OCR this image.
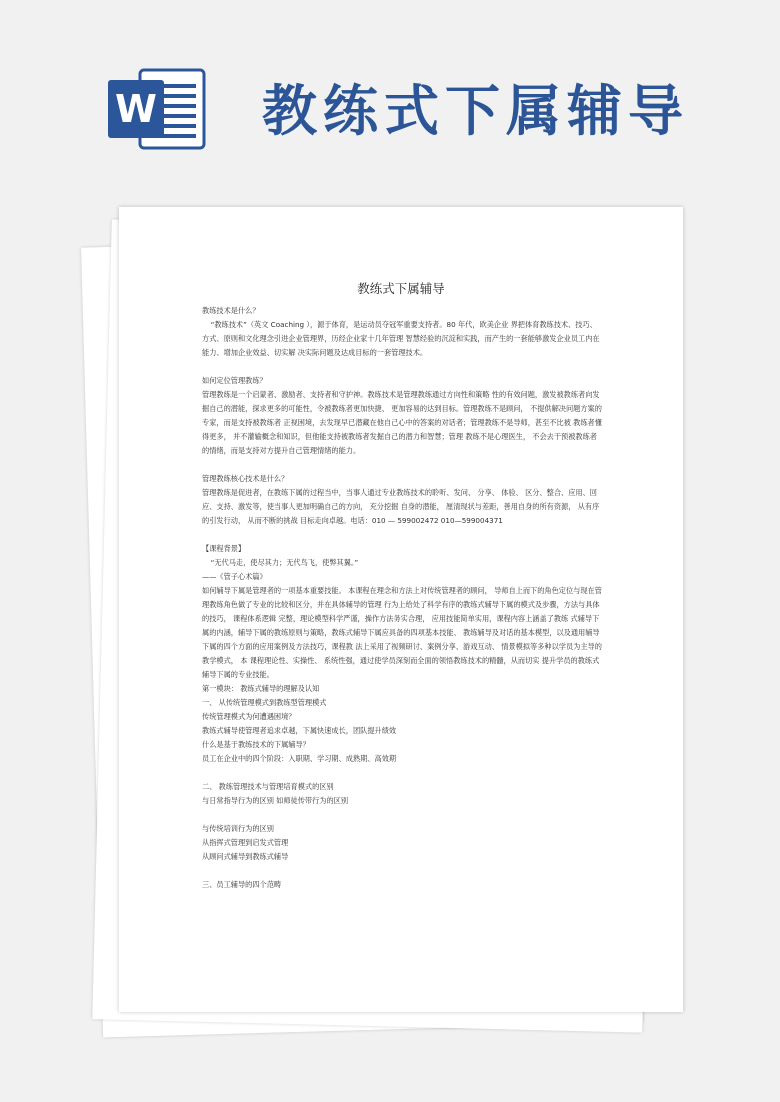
W 教练式下属辅导
教练式下属辅导

教练技术是什么？

“教练技术”（英文 Coaching ），源于体育，是运动员夺冠军重要支持者。80 年代，欧美企业 界把体育教练技术、技巧、方式、原则和文化理念引进企业管理界，历经企业家十几年管理 智慧经验的沉淀和实践，而产生的一套能够激发企业员工内在能力、增加企业效益、切实解 决实际问题及达成目标的一套管理技术。

如何定位管理教练？

管理教练是一个启蒙者、激励者、支持者和守护神。教练技术是管理教练通过方向性和策略 性的有效问题，激发被教练者向发掘自己的潜能，探求更多的可能性，令被教练者更加快捷、 更加容易的达到目标。管理教练不是顾问， 不提供解决问题方案的专家，而是支持被教练者 正视困境，去发现早已潜藏在他自己心中的答案的对话者；管理教练不是导师，甚至不比被 教练者懂得更多， 并不灌输概念和知识，但他能支持被教练者发掘自己的潜力和智慧；管理 教练不是心理医生， 不会去干预被教练者的情绪，而是支持对方提升自己管理情绪的能力。

管理教练核心技术是什么？

管理教练是促进者，在教练下属的过程当中，当事人通过专业教练技术的聆听、发问、 分享、 体验、 区分、整合、应用、回应、支持、激发等，使当事人更加明确自己的方向， 充分挖掘 自身的潜能， 厘清现状与差距，善用自身的所有资源， 从有序的引发行动， 从而不断的挑战 目标走向卓越。电话：010 — 599002472 010—599004371

【课程背景】

“无代马走，使尽其力；无代鸟飞，使弊其翼。”

——《管子心术篇》

如何辅导下属是管理者的一项基本重要技能。 本课程在理念和方法上对传统管理者的顾问， 导师自上而下的角色定位与现在管理教练角色做了专业的比较和区分，并在具体辅导的管理 行为上给处了科学有序的教练式辅导下属的模式及步骤，方法与具体的技巧， 课程体系逻辑 完整，理论模型科学严谨，操作方法务实合理， 应用技能简单实用，课程内容上涵盖了教练 式辅导下属的内涵，辅导下属的教练原则与策略，教练式辅导下属应具备的四项基本技能、 教练辅导及对话的基本模型，以及通用辅导下属的四个方面的应用案例及方法技巧，课程教 法上采用了视频研讨、案例分享、游戏互动、 情景模拟等多种以学员为主导的教学模式， 本 课程理论性、实操性、 系统性强，通过使学员深刻而全面的领悟教练技术的精髓，从而切实 提升学员的教练式辅导下属的专业技能。

第一模块： 教练式辅导的理解及认知

一、 从传统管理模式到教练型管理模式

传统管理模式为何遭遇困境？

教练式辅导使管理者追求卓越，下属快速成长，团队提升绩效

什么是基于教练技术的下属辅导？

员工在企业中的四个阶段：入职期、学习期、成熟期、高效期

二、 教练管理技术与管理培育模式的区别

与日常指导行为的区别 如师徒传带行为的区别

与传统培训行为的区别

从指挥式管理到启发式管理

从顾问式辅导到教练式辅导

三、员工辅导的四个范畴
